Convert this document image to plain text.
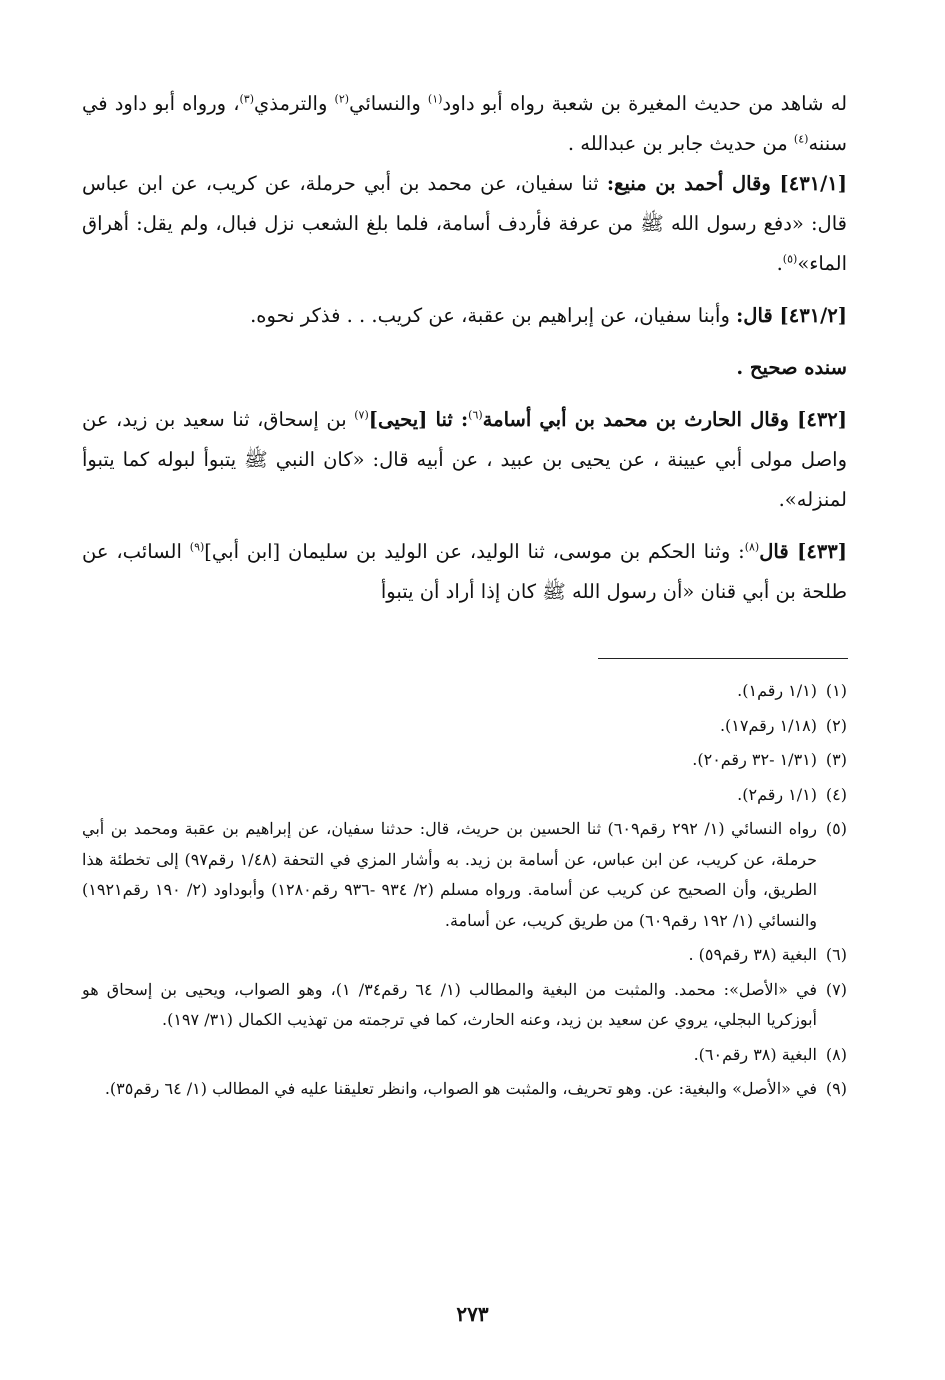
له شاهد من حديث المغيرة بن شعبة رواه أبو داود$^{(١)}$ والنسائي$^{(٢)}$ والترمذي$^{(٣)}$، ورواه أبو داود في سننه$^{(٤)}$ من حديث جابر بن عبدالله .

[٤٣١/١] وقال أحمد بن منيع: ثنا سفيان، عن محمد بن أبي حرملة، عن كريب، عن ابن عباس قال: «دفع رسول الله ﷺ من عرفة فأردف أسامة، فلما بلغ الشعب نزل فبال، ولم يقل: أهراق الماء»$^{(٥)}$.

[٤٣١/٢] قال: وأبنا سفيان، عن إبراهيم بن عقبة، عن كريب. . . فذكر نحوه.

سنده صحيح .

[٤٣٢] وقال الحارث بن محمد بن أبي أسامة$^{(٦)}$: ثنا [يحيى]$^{(٧)}$ بن إسحاق، ثنا سعيد بن زيد، عن واصل مولى أبي عيينة ، عن يحيى بن عبيد ، عن أبيه قال: «كان النبي ﷺ يتبوأ لبوله كما يتبوأ لمنزله».

[٤٣٣] قال$^{(٨)}$: وثنا الحكم بن موسى، ثنا الوليد، عن الوليد بن سليمان [ابن أبي]$^{(٩)}$ السائب، عن طلحة بن أبي قنان «أن رسول الله ﷺ كان إذا أراد أن يتبوأ

(١)
(١/١ رقم١).
(٢)
(١/١٨ رقم١٧).
(٣)
(١/٣١ -٣٢ رقم٢٠).
(٤)
(١/١ رقم٢).
(٥)
رواه النسائي (١/ ٢٩٢ رقم٦٠٩) ثنا الحسين بن حريث، قال: حدثنا سفيان، عن إبراهيم بن عقبة ومحمد بن أبي حرملة، عن كريب، عن ابن عباس، عن أسامة بن زيد. به وأشار المزي في التحفة (١/٤٨ رقم٩٧) إلى تخطئة هذا الطريق، وأن الصحيح عن كريب عن أسامة. ورواه مسلم (٢/ ٩٣٤ -٩٣٦ رقم١٢٨٠) وأبوداود (٢/ ١٩٠ رقم١٩٢١) والنسائي (١/ ١٩٢ رقم٦٠٩) من طريق كريب، عن أسامة.
(٦)
البغية (٣٨ رقم٥٩) .
(٧)
في «الأصل»: محمد. والمثبت من البغية والمطالب (١/ ٦٤ رقم٣٤/ ١)، وهو الصواب، ويحيى بن إسحاق هو أبوزكريا البجلي، يروي عن سعيد بن زيد، وعنه الحارث، كما في ترجمته من تهذيب الكمال (٣١/ ١٩٧).
(٨)
البغية (٣٨ رقم٦٠).
(٩)
في «الأصل» والبغية: عن. وهو تحريف، والمثبت هو الصواب، وانظر تعليقنا عليه في المطالب (١/ ٦٤ رقم٣٥).
٢٧٣
